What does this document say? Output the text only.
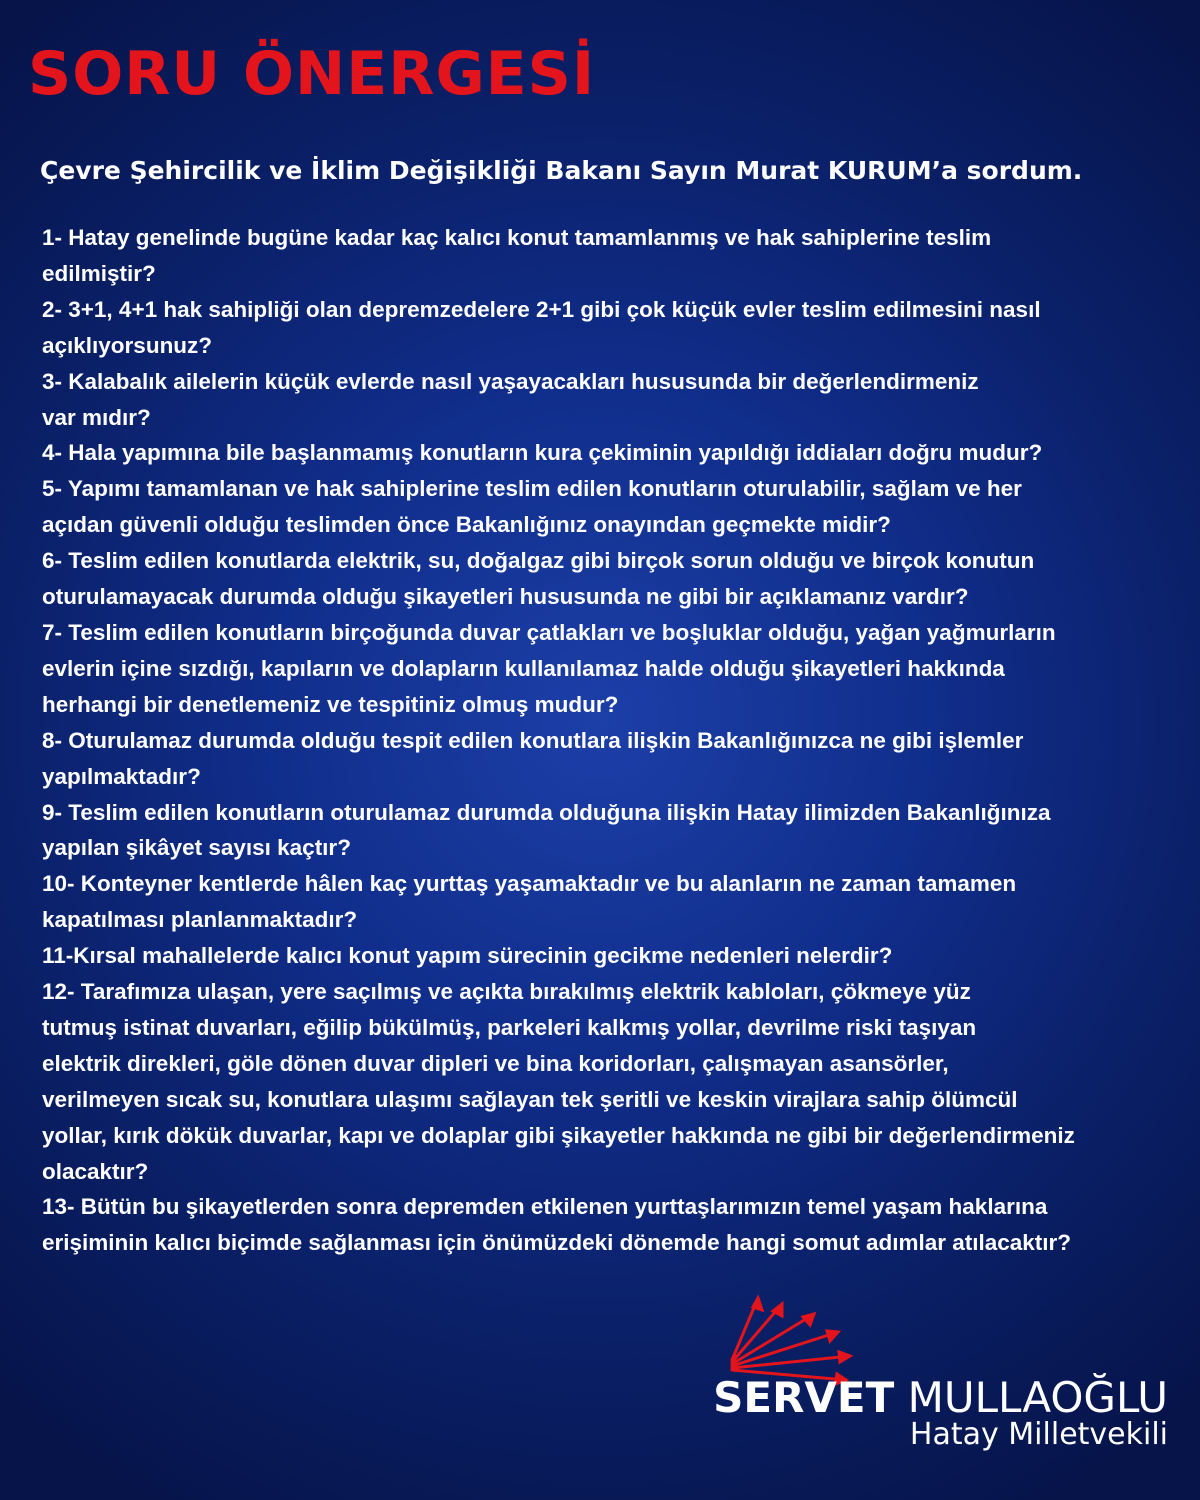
SORU ÖNERGESİ
Çevre Şehircilik ve İklim Değişikliği Bakanı Sayın Murat KURUM’a sordum.
1- Hatay genelinde bugüne kadar kaç kalıcı konut tamamlanmış ve hak sahiplerine teslim
edilmiştir?
2- 3+1, 4+1 hak sahipliği olan depremzedelere 2+1 gibi çok küçük evler teslim edilmesini nasıl
açıklıyorsunuz?
3- Kalabalık ailelerin küçük evlerde nasıl yaşayacakları hususunda bir değerlendirmeniz
var mıdır?
4- Hala yapımına bile başlanmamış konutların kura çekiminin yapıldığı iddiaları doğru mudur?
5- Yapımı tamamlanan ve hak sahiplerine teslim edilen konutların oturulabilir, sağlam ve her
açıdan güvenli olduğu teslimden önce Bakanlığınız onayından geçmekte midir?
6- Teslim edilen konutlarda elektrik, su, doğalgaz gibi birçok sorun olduğu ve birçok konutun
oturulamayacak durumda olduğu şikayetleri hususunda ne gibi bir açıklamanız vardır?
7- Teslim edilen konutların birçoğunda duvar çatlakları ve boşluklar olduğu, yağan yağmurların
evlerin içine sızdığı, kapıların ve dolapların kullanılamaz halde olduğu şikayetleri hakkında
herhangi bir denetlemeniz ve tespitiniz olmuş mudur?
8- Oturulamaz durumda olduğu tespit edilen konutlara ilişkin Bakanlığınızca ne gibi işlemler
yapılmaktadır?
9- Teslim edilen konutların oturulamaz durumda olduğuna ilişkin Hatay ilimizden Bakanlığınıza
yapılan şikâyet sayısı kaçtır?
10- Konteyner kentlerde hâlen kaç yurttaş yaşamaktadır ve bu alanların ne zaman tamamen
kapatılması planlanmaktadır?
11-Kırsal mahallelerde kalıcı konut yapım sürecinin gecikme nedenleri nelerdir?
12- Tarafımıza ulaşan, yere saçılmış ve açıkta bırakılmış elektrik kabloları, çökmeye yüz
tutmuş istinat duvarları, eğilip bükülmüş, parkeleri kalkmış yollar, devrilme riski taşıyan
elektrik direkleri, göle dönen duvar dipleri ve bina koridorları, çalışmayan asansörler,
verilmeyen sıcak su, konutlara ulaşımı sağlayan tek şeritli ve keskin virajlara sahip ölümcül
yollar, kırık dökük duvarlar, kapı ve dolaplar gibi şikayetler hakkında ne gibi bir değerlendirmeniz
olacaktır?
13- Bütün bu şikayetlerden sonra depremden etkilenen yurttaşlarımızın temel yaşam haklarına
erişiminin kalıcı biçimde sağlanması için önümüzdeki dönemde hangi somut adımlar atılacaktır?

SERVET MULLAOĞLU

Hatay Milletvekili
